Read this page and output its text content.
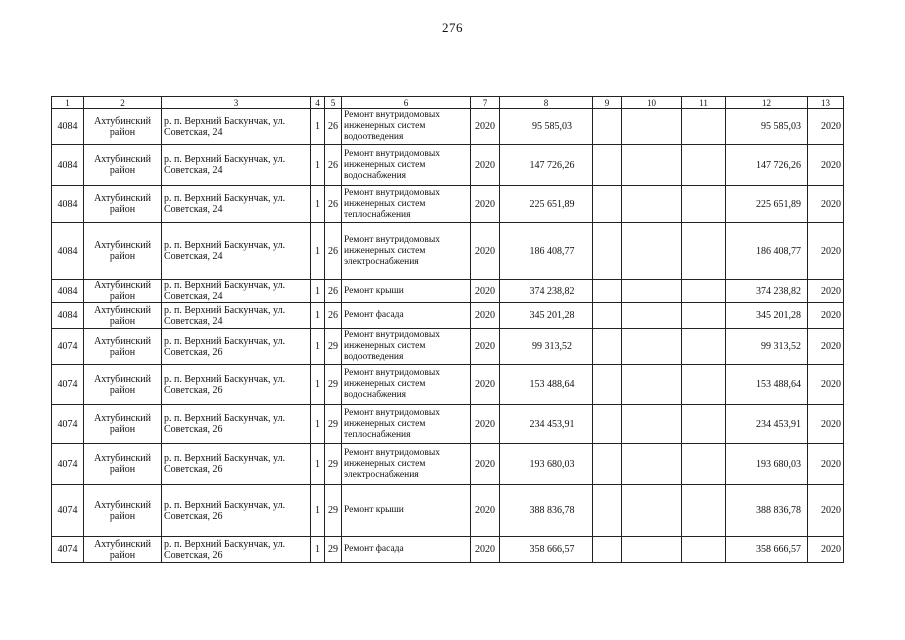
276
1	2	3	4	5	6	7	8	9	10	11	12	13
4084	Ахтубинский район	р. п. Верхний Баскунчак, ул. Советская, 24	1	26	Ремонт внутридомовых инженерных систем водоотведения	2020	95 585,03				95 585,03	2020
4084	Ахтубинский район	р. п. Верхний Баскунчак, ул. Советская, 24	1	26	Ремонт внутридомовых инженерных систем водоснабжения	2020	147 726,26				147 726,26	2020
4084	Ахтубинский район	р. п. Верхний Баскунчак, ул. Советская, 24	1	26	Ремонт внутридомовых инженерных систем теплоснабжения	2020	225 651,89				225 651,89	2020
4084	Ахтубинский район	р. п. Верхний Баскунчак, ул. Советская, 24	1	26	Ремонт внутридомовых инженерных систем электроснабжения	2020	186 408,77				186 408,77	2020
4084	Ахтубинский район	р. п. Верхний Баскунчак, ул. Советская, 24	1	26	Ремонт крыши	2020	374 238,82				374 238,82	2020
4084	Ахтубинский район	р. п. Верхний Баскунчак, ул. Советская, 24	1	26	Ремонт фасада	2020	345 201,28				345 201,28	2020
4074	Ахтубинский район	р. п. Верхний Баскунчак, ул. Советская, 26	1	29	Ремонт внутридомовых инженерных систем водоотведения	2020	99 313,52				99 313,52	2020
4074	Ахтубинский район	р. п. Верхний Баскунчак, ул. Советская, 26	1	29	Ремонт внутридомовых инженерных систем водоснабжения	2020	153 488,64				153 488,64	2020
4074	Ахтубинский район	р. п. Верхний Баскунчак, ул. Советская, 26	1	29	Ремонт внутридомовых инженерных систем теплоснабжения	2020	234 453,91				234 453,91	2020
4074	Ахтубинский район	р. п. Верхний Баскунчак, ул. Советская, 26	1	29	Ремонт внутридомовых инженерных систем электроснабжения	2020	193 680,03				193 680,03	2020
4074	Ахтубинский район	р. п. Верхний Баскунчак, ул. Советская, 26	1	29	Ремонт крыши	2020	388 836,78				388 836,78	2020
4074	Ахтубинский район	р. п. Верхний Баскунчак, ул. Советская, 26	1	29	Ремонт фасада	2020	358 666,57				358 666,57	2020
